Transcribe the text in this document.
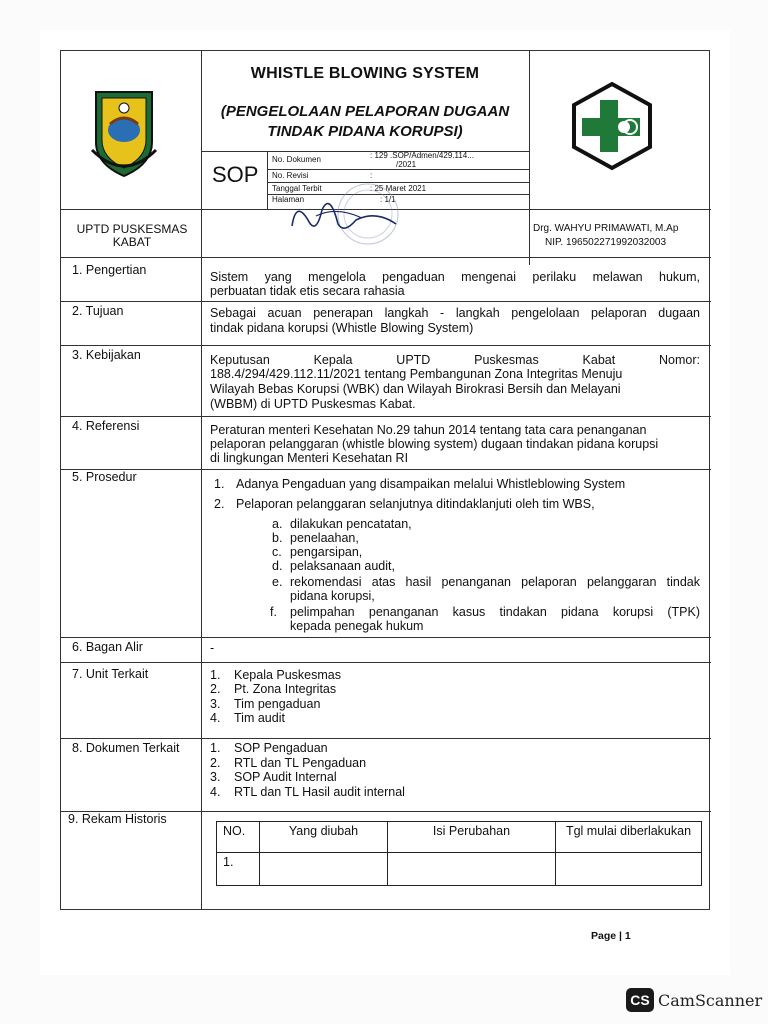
WHISTLE BLOWING SYSTEM
(PENGELOLAAN PELAPORAN DUGAAN
TINDAK PIDANA KORUPSI)
SOP
No. Dokumen	: 129 .SOP/Admen/429.114...
/2021
No. Revisi	:
Tanggal Terbit	: 25 Maret 2021
Halaman	: 1/1
UPTD PUSKESMAS
KABAT
Drg. WAHYU PRIMAWATI, M.Ap
NIP. 196502271992032003
1. Pengertian	Sistem yang mengelola pengaduan mengenai perilaku melawan hukum,
perbuatan tidak etis secara rahasia
2. Tujuan	Sebagai acuan penerapan langkah - langkah pengelolaan pelaporan dugaan
tindak pidana korupsi (Whistle Blowing System)
3. Kebijakan	Keputusan Kepala UPTD Puskesmas Kabat Nomor:
188.4/294/429.112.11/2021 tentang Pembangunan Zona Integritas Menuju
Wilayah Bebas Korupsi (WBK) dan Wilayah Birokrasi Bersih dan Melayani
(WBBM) di UPTD Puskesmas Kabat.
4. Referensi	Peraturan menteri Kesehatan No.29 tahun 2014 tentang tata cara penanganan
pelaporan pelanggaran (whistle blowing system) dugaan tindakan pidana korupsi
di lingkungan Menteri Kesehatan RI
5. Prosedur	1. Adanya Pengaduan yang disampaikan melalui Whistleblowing System
2. Pelaporan pelanggaran selanjutnya ditindaklanjuti oleh tim WBS,
a. dilakukan pencatatan,
b. penelaahan,
c. pengarsipan,
d. pelaksanaan audit,
e. rekomendasi atas hasil penanganan pelaporan pelanggaran tindak
pidana korupsi,
f. pelimpahan penanganan kasus tindakan pidana korupsi (TPK)
kepada penegak hukum
6. Bagan Alir	-
7. Unit Terkait	1. Kepala Puskesmas
2. Pt. Zona Integritas
3. Tim pengaduan
4. Tim audit
8. Dokumen Terkait 1. SOP Pengaduan
2. RTL dan TL Pengaduan
3. SOP Audit Internal
4. RTL dan TL Hasil audit internal
9. Rekam Historis
NO.	Yang diubah	Isi Perubahan	Tgl mulai diberlakukan
1.			
Page | 1
CS CamScanner
